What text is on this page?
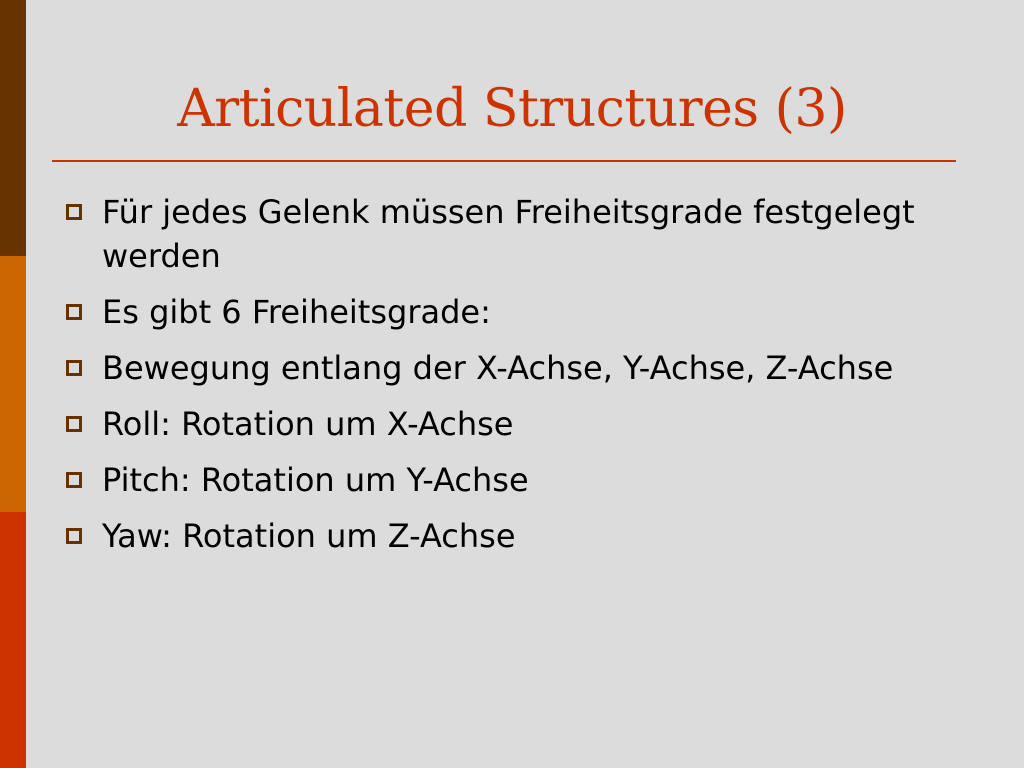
Articulated Structures (3)
Für jedes Gelenk müssen Freiheitsgrade festgelegt werden
Es gibt 6 Freiheitsgrade:
Bewegung entlang der X-Achse, Y-Achse, Z-Achse
Roll: Rotation um X-Achse
Pitch: Rotation um Y-Achse
Yaw: Rotation um Z-Achse
